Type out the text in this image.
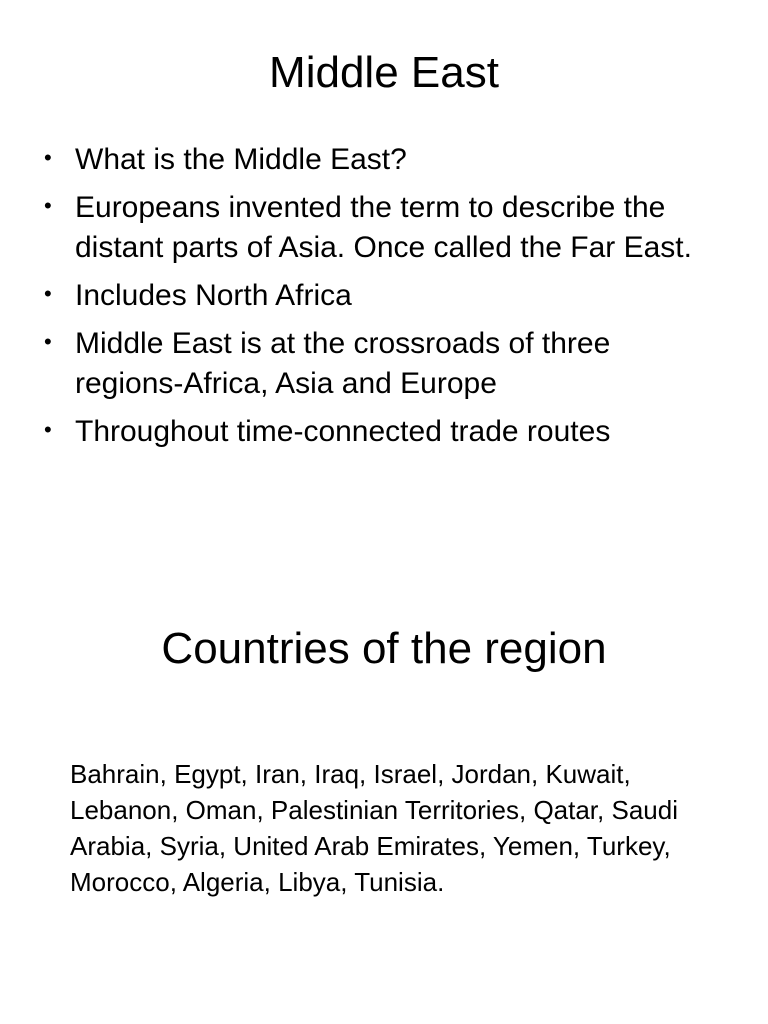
Middle East
• What is the Middle East?
• Europeans invented the term to describe the distant parts of Asia. Once called the Far East.
• Includes North Africa
• Middle East is at the crossroads of three regions-Africa, Asia and Europe
• Throughout time-connected trade routes
Countries of the region

Bahrain, Egypt, Iran, Iraq, Israel, Jordan, Kuwait, Lebanon, Oman, Palestinian Territories, Qatar, Saudi Arabia, Syria, United Arab Emirates, Yemen, Turkey, Morocco, Algeria, Libya, Tunisia.
